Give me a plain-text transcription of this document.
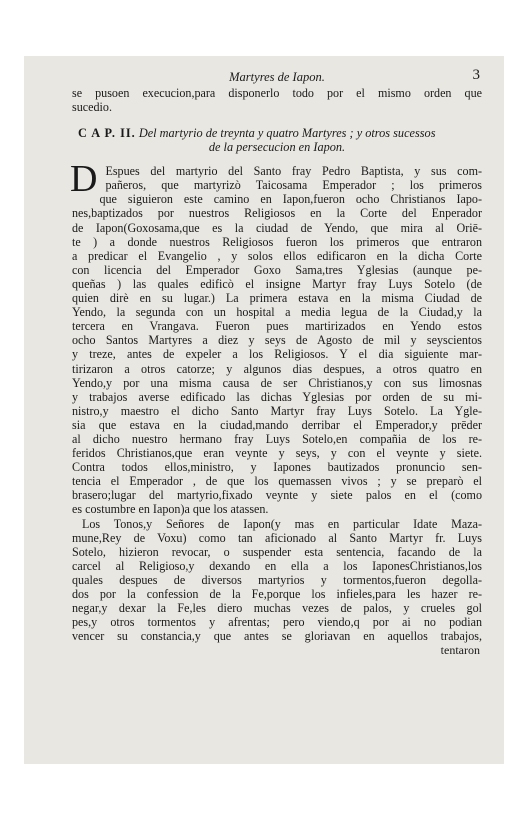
Martyres de Iapon.	3
se pusoen execucion,para disponerlo todo por el mismo orden que
sucedio.
C A P. II. Del martyrio de treynta y quatro Martyres ; y otros sucessos
de la persecucion en Iapon.
D Espues del martyrio del Santo fray Pedro Baptista, y sus com-
pañeros, que martyrizò Taicosama Emperador ; los primeros
que siguieron este camino en Iapon,fueron ocho Christianos Iapo-
nes,baptizados por nuestros Religiosos en la Corte del Enperador
de Iapon(Goxosama,que es la ciudad de Yendo, que mira al Oriē-
te ) a donde nuestros Religiosos fueron los primeros que entraron
a predicar el Evangelio , y solos ellos edificaron en la dicha Corte
con licencia del Emperador Goxo Sama,tres Yglesias (aunque pe-
queñas ) las quales edificò el insigne Martyr fray Luys Sotelo (de
quien dirè en su lugar.) La primera estava en la misma Ciudad de
Yendo, la segunda con un hospital a media legua de la Ciudad,y la
tercera en Vrangava. Fueron pues martirizados en Yendo estos
ocho Santos Martyres a diez y seys de Agosto de mil y seyscientos
y treze, antes de expeler a los Religiosos. Y el dia siguiente mar-
tirizaron a otros catorze; y algunos dias despues, a otros quatro en
Yendo,y por una misma causa de ser Christianos,y con sus limosnas
y trabajos averse edificado las dichas Yglesias por orden de su mi-
nistro,y maestro el dicho Santo Martyr fray Luys Sotelo. La Ygle-
sia que estava en la ciudad,mando derribar el Emperador,y prēder
al dicho nuestro hermano fray Luys Sotelo,en compañia de los re-
feridos Christianos,que eran veynte y seys, y con el veynte y siete.
Contra todos ellos,ministro, y Iapones bautizados pronuncio sen-
tencia el Emperador , de que los quemassen vivos ; y se preparò el
brasero;lugar del martyrio,fixado veynte y siete palos en el (como
es costumbre en Iapon)a que los atassen.
Los Tonos,y Señores de Iapon(y mas en particular Idate Maza-
mune,Rey de Voxu) como tan aficionado al Santo Martyr fr. Luys
Sotelo, hizieron revocar, o suspender esta sentencia, facando de la
carcel al Religioso,y dexando en ella a los IaponesChristianos,los
quales despues de diversos martyrios y tormentos,fueron degolla-
dos por la confession de la Fe,porque los infieles,para les hazer re-
negar,y dexar la Fe,les diero muchas vezes de palos, y crueles gol
pes,y otros tormentos y afrentas; pero viendo,q por ai no podian
vencer su constancia,y que antes se gloriavan en aquellos trabajos,
tentaron
